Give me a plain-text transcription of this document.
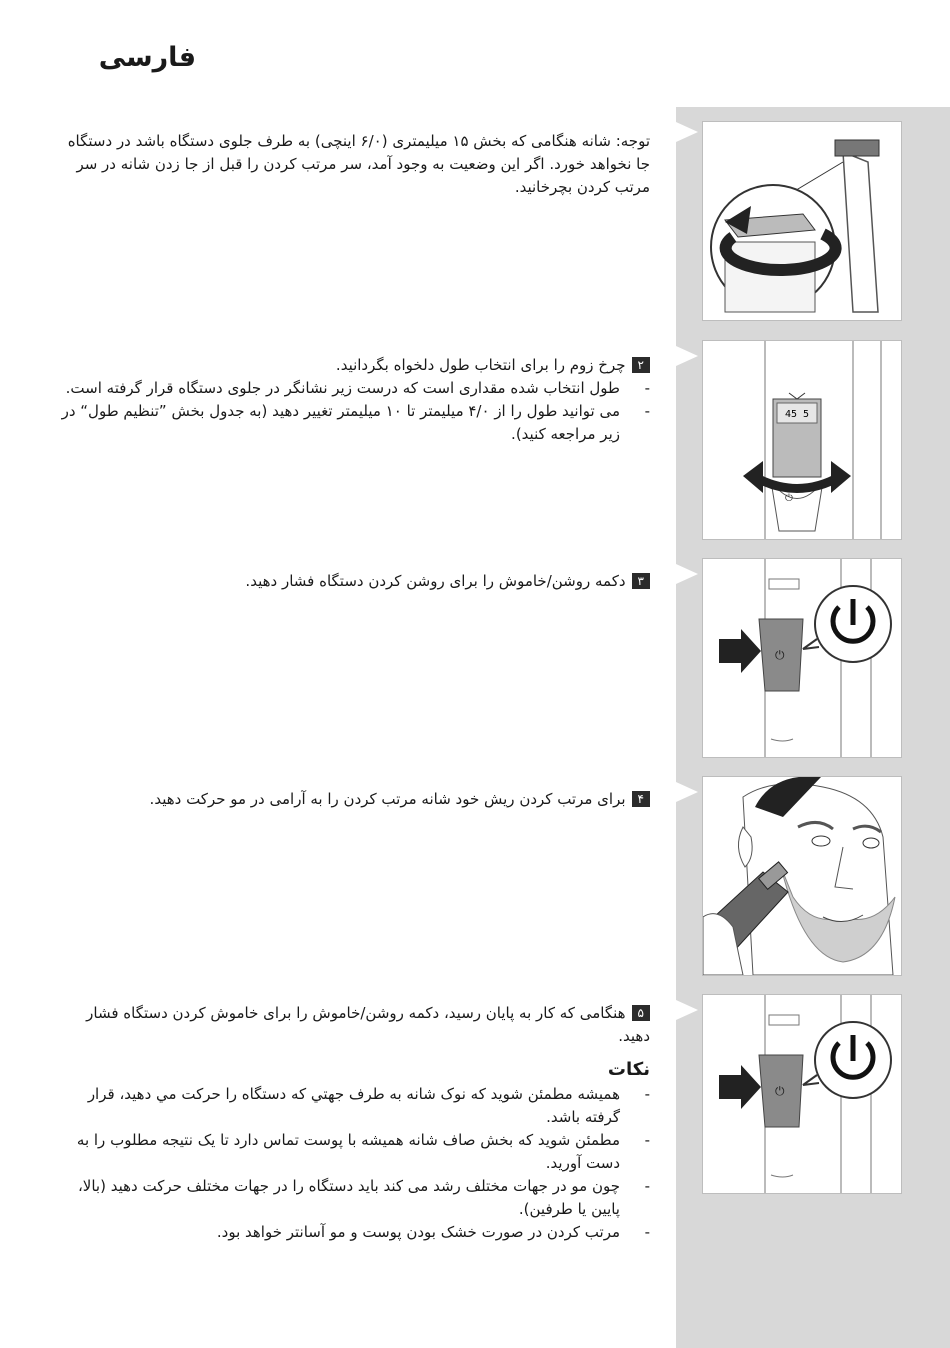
فارسی

توجه: شانه هنگامی که بخش ۱۵ میلیمتری (۶/۰ اینچی) به طرف جلوی دستگاه باشد در دستگاه جا نخواهد خورد. اگر این وضعیت به وجود آمد، سر مرتب کردن را قبل از جا زدن شانه در سر مرتب کردن بچرخانید.

۲چرخ زوم را برای انتخاب طول دلخواه بگردانید.
- طول انتخاب شده مقداری است که درست زیر نشانگر در جلوی دستگاه قرار گرفته است.
- می توانید طول را از ۴/۰ میلیمتر تا ۱۰ میلیمتر تغییر دهید (به جدول بخش ”تنظیم طول“ در زیر مراجعه کنید).
۳دکمه روشن/خاموش را برای روشن کردن دستگاه فشار دهید.
۴برای مرتب کردن ریش خود شانه مرتب کردن را به آرامی در مو حرکت دهید.
۵هنگامی که کار به پایان رسید، دکمه روشن/خاموش را برای خاموش کردن دستگاه فشار دهید.
نکات
- همیشه مطمئن شوید که نوک شانه به طرف جهتي که دستگاه را حرکت مي دهید، قرار گرفته باشد.
- مطمئن شوید که بخش صاف شانه همیشه با پوست تماس دارد تا یک نتیجه مطلوب را به دست آورید.
- چون مو در جهات مختلف رشد می کند باید دستگاه را در جهات مختلف حرکت دهید (بالا، پایین یا طرفین).
- مرتب کردن در صورت خشک بودن پوست و مو آسانتر خواهد بود.
45 5
⏻
⏻
⏻
